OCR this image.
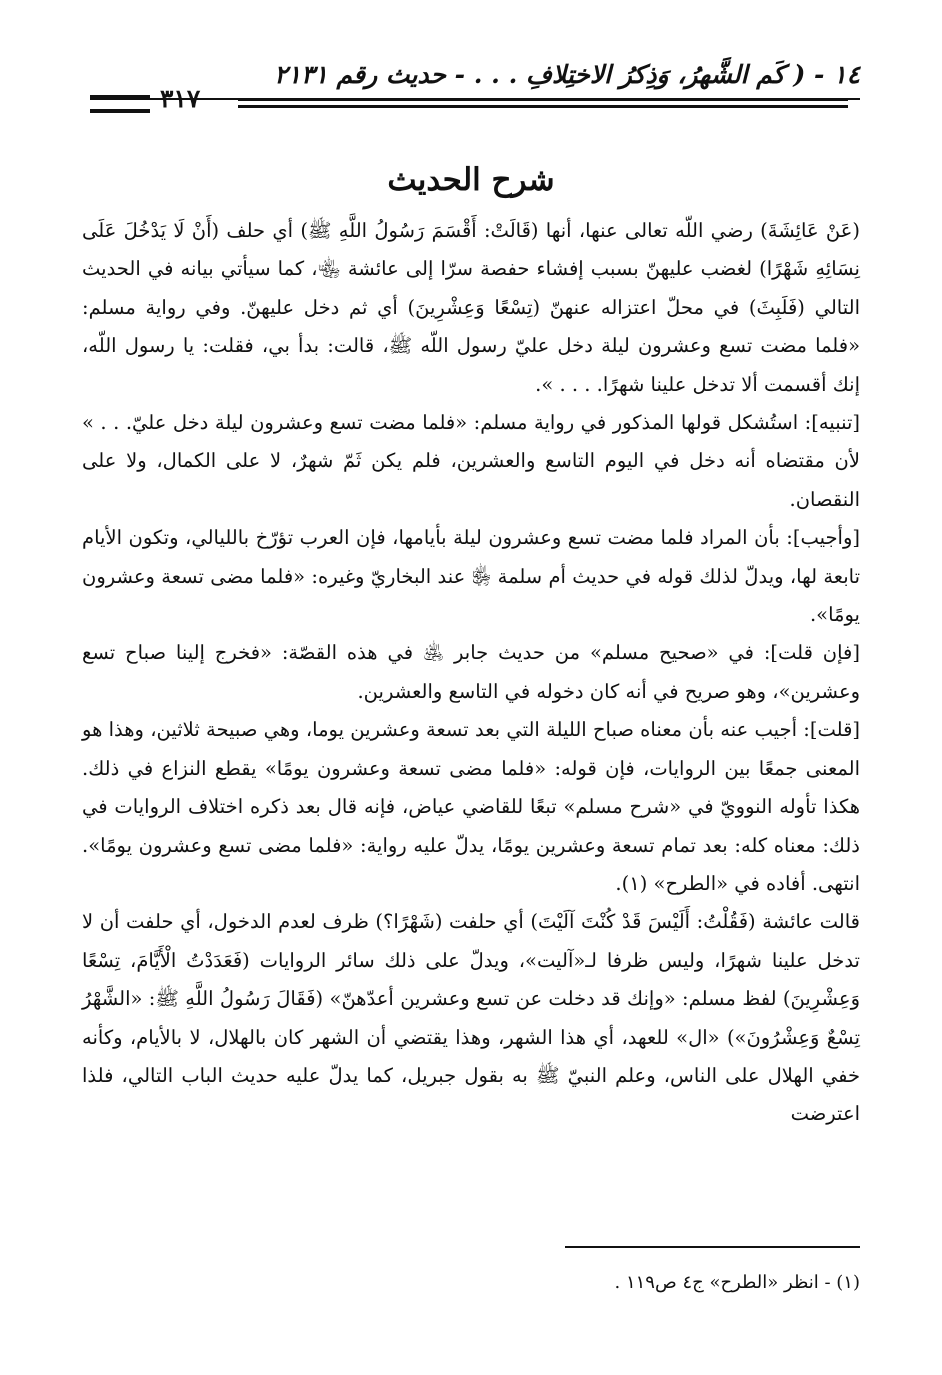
١٤ - ( كَم الشَّهرُ، وَذِكرُ الاختِلافِ . . . - حديث رقم ٢١٣١
٣١٧
شرح الحديث

(عَنْ عَائِشَةَ) رضي اللّه تعالى عنها، أنها (قَالَتْ: أَقْسَمَ رَسُولُ اللَّهِ ﷺ) أي حلف (أَنْ لَا يَدْخُلَ عَلَى نِسَائِهِ شَهْرًا) لغضب عليهنّ بسبب إفشاء حفصة سرّا إلى عائشة ﵄، كما سيأتي بيانه في الحديث التالي (فَلَبِثَ) في محلّ اعتزاله عنهنّ (تِسْعًا وَعِشْرِينَ) أي ثم دخل عليهنّ. وفي رواية مسلم: «فلما مضت تسع وعشرون ليلة دخل عليّ رسول اللّه ﷺ، قالت: بدأ بي، فقلت: يا رسول اللّه، إنك أقسمت ألا تدخل علينا شهرًا. . . . ».

[تنبيه]: استُشكل قولها المذكور في رواية مسلم: «فلما مضت تسع وعشرون ليلة دخل عليّ. . . » لأن مقتضاه أنه دخل في اليوم التاسع والعشرين، فلم يكن ثَمّ شهرٌ، لا على الكمال، ولا على النقصان.

[وأجيب]: بأن المراد فلما مضت تسع وعشرون ليلة بأيامها، فإن العرب تؤرّخ بالليالي، وتكون الأيام تابعة لها، ويدلّ لذلك قوله في حديث أم سلمة ﵂ عند البخاريّ وغيره: «فلما مضى تسعة وعشرون يومًا».

[فإن قلت]: في «صحيح مسلم» من حديث جابر ﵁ في هذه القصّة: «فخرج إلينا صباح تسع وعشرين»، وهو صريح في أنه كان دخوله في التاسع والعشرين.

[قلت]: أجيب عنه بأن معناه صباح الليلة التي بعد تسعة وعشرين يوما، وهي صبيحة ثلاثين، وهذا هو المعنى جمعًا بين الروايات، فإن قوله: «فلما مضى تسعة وعشرون يومًا» يقطع النزاع في ذلك. هكذا تأوله النوويّ في «شرح مسلم» تبعًا للقاضي عياض، فإنه قال بعد ذكره اختلاف الروايات في ذلك: معناه كله: بعد تمام تسعة وعشرين يومًا، يدلّ عليه رواية: «فلما مضى تسع وعشرون يومًا». انتهى. أفاده في «الطرح» (١).

قالت عائشة (فَقُلْتُ: أَلَيْسَ قَدْ كُنْتَ آلَيْتَ) أي حلفت (شَهْرًا؟) ظرف لعدم الدخول، أي حلفت أن لا تدخل علينا شهرًا، وليس ظرفا لـ«آليت»، ويدلّ على ذلك سائر الروايات (فَعَدَدْتُ الْأَيَّامَ، تِسْعًا وَعِشْرِينَ) لفظ مسلم: «وإنك قد دخلت عن تسع وعشرين أعدّهنّ» (فَقَالَ رَسُولُ اللَّهِ ﷺ: «الشَّهْرُ تِسْعٌ وَعِشْرُونَ») «ال» للعهد، أي هذا الشهر، وهذا يقتضي أن الشهر كان بالهلال، لا بالأيام، وكأنه خفي الهلال على الناس، وعلم النبيّ ﷺ به بقول جبريل، كما يدلّ عليه حديث الباب التالي، فلذا اعترضت

(١) - انظر «الطرح» ج٤ ص١١٩ .
